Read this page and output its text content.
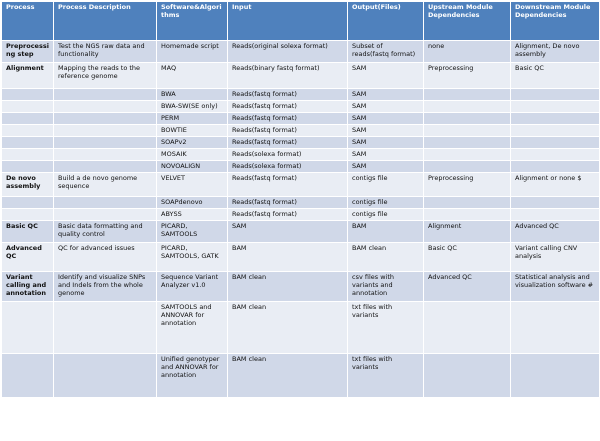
Process	Process Description	Software&Algorithms	Input	Output(Files)	Upstream Module Dependencies	Downstream Module Dependencies
Preprocessing step	Test the NGS raw data and functionality	Homemade script	Reads(original solexa format)	Subset of reads(fastq format)	none	Alignment, De novo assembly
Alignment	Mapping the reads to the reference genome	MAQ	Reads(binary fastq format)	SAM	Preprocessing	Basic QC
		BWA	Reads(fastq format)	SAM		
		BWA-SW(SE only)	Reads(fastq format)	SAM		
		PERM	Reads(fastq format)	SAM		
		BOWTIE	Reads(fastq format)	SAM		
		SOAPv2	Reads(fastq format)	SAM		
		MOSAIK	Reads(solexa format)	SAM		
		NOVOALIGN	Reads(solexa format)	SAM		
De novo assembly	Build a de novo genome sequence	VELVET	Reads(fastq format)	contigs file	Preprocessing	Alignment or none $
		SOAPdenovo	Reads(fastq format)	contigs file		
		ABYSS	Reads(fastq format)	contigs file		
Basic QC	Basic data formatting and quality control	PICARD, SAMTOOLS	SAM	BAM	Alignment	Advanced QC
Advanced QC	QC for advanced issues	PICARD, SAMTOOLS, GATK	BAM	BAM clean	Basic QC	Variant calling CNV analysis
Variant calling and annotation	Identify and visualize SNPs and Indels from the whole genome	Sequence Variant Analyzer v1.0	BAM clean	csv files with variants and annotation	Advanced QC	Statistical analysis and visualization software #
		SAMTOOLS and ANNOVAR for annotation	BAM clean	txt files with variants		
		Unified genotyper and ANNOVAR for annotation	BAM clean	txt files with variants		
